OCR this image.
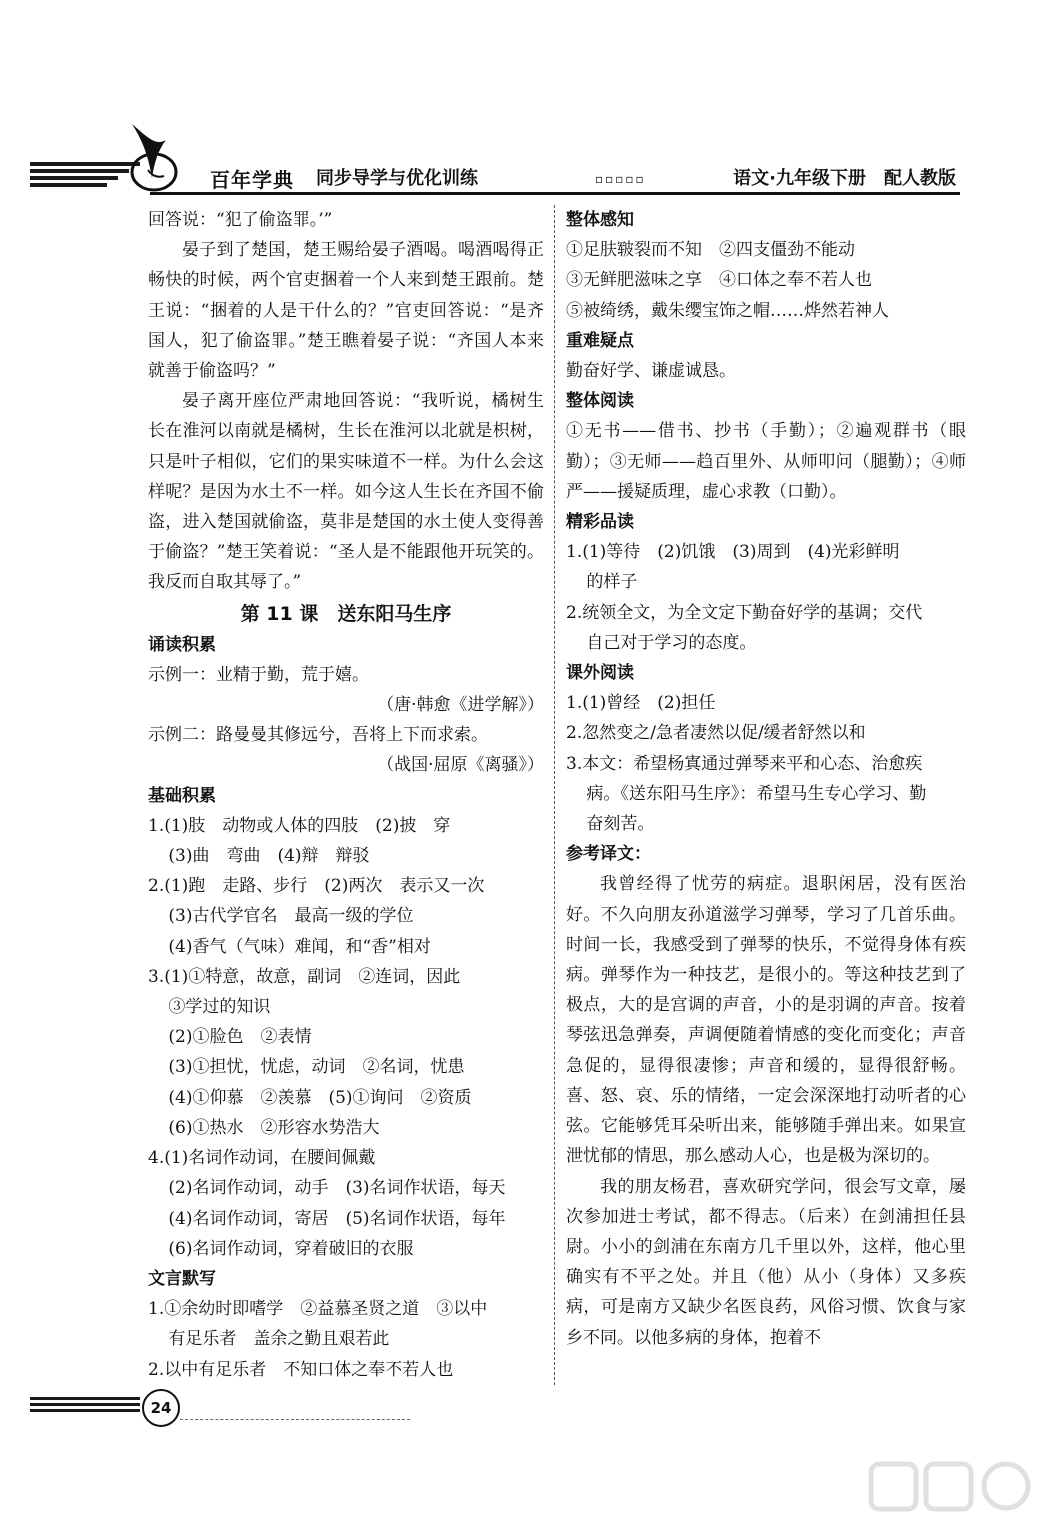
百年学典 同步导学与优化训练	▫▫▫▫▫	语文·九年级下册　配人教版

回答说：“犯了偷盗罪。’”

晏子到了楚国，楚王赐给晏子酒喝。喝酒喝得正畅快的时候，两个官吏捆着一个人来到楚王跟前。楚王说：“捆着的人是干什么的？”官吏回答说：“是齐国人，犯了偷盗罪。”楚王瞧着晏子说：“齐国人本来就善于偷盗吗？”

晏子离开座位严肃地回答说：“我听说，橘树生长在淮河以南就是橘树，生长在淮河以北就是枳树，只是叶子相似，它们的果实味道不一样。为什么会这样呢？是因为水土不一样。如今这人生长在齐国不偷盗，进入楚国就偷盗，莫非是楚国的水土使人变得善于偷盗？”楚王笑着说：“圣人是不能跟他开玩笑的。我反而自取其辱了。”

第 11 课　送东阳马生序
诵读积累

示例一：业精于勤，荒于嬉。

（唐·韩愈《进学解》）

示例二：路曼曼其修远兮，吾将上下而求索。

（战国·屈原《离骚》）

基础积累

1.(1)肢　动物或人体的四肢　(2)披　穿

(3)曲　弯曲　(4)辩　辩驳

2.(1)跑　走路、步行　(2)两次　表示又一次

(3)古代学官名　最高一级的学位

(4)香气（气味）难闻，和“香”相对

3.(1)①特意，故意，副词　②连词，因此

③学过的知识

(2)①脸色　②表情

(3)①担忧，忧虑，动词　②名词，忧患

(4)①仰慕　②羡慕　(5)①询问　②资质

(6)①热水　②形容水势浩大

4.(1)名词作动词，在腰间佩戴

(2)名词作动词，动手　(3)名词作状语，每天

(4)名词作动词，寄居　(5)名词作状语，每年

(6)名词作动词，穿着破旧的衣服

文言默写

1.①余幼时即嗜学　②益慕圣贤之道　③以中

有足乐者　盖余之勤且艰若此

2.以中有足乐者　不知口体之奉不若人也

整体感知

①足肤皲裂而不知　②四支僵劲不能动

③无鲜肥滋味之享　④口体之奉不若人也

⑤被绮绣，戴朱缨宝饰之帽……烨然若神人

重难疑点

勤奋好学、谦虚诚恳。

整体阅读

①无书——借书、抄书（手勤）；②遍观群书（眼勤）；③无师——趋百里外、从师叩问（腿勤）；④师严——援疑质理，虚心求教（口勤）。

精彩品读

1.(1)等待　(2)饥饿　(3)周到　(4)光彩鲜明

的样子

2.统领全文，为全文定下勤奋好学的基调；交代

自己对于学习的态度。

课外阅读

1.(1)曾经　(2)担任

2.忽然变之/急者凄然以促/缓者舒然以和

3.本文：希望杨寘通过弹琴来平和心态、治愈疾

病。《送东阳马生序》：希望马生专心学习、勤

奋刻苦。

参考译文：

我曾经得了忧劳的病症。退职闲居，没有医治好。不久向朋友孙道滋学习弹琴，学习了几首乐曲。时间一长，我感受到了弹琴的快乐，不觉得身体有疾病。弹琴作为一种技艺，是很小的。等这种技艺到了极点，大的是宫调的声音，小的是羽调的声音。按着琴弦迅急弹奏，声调便随着情感的变化而变化；声音急促的，显得很凄惨；声音和缓的，显得很舒畅。喜、怒、哀、乐的情绪，一定会深深地打动听者的心弦。它能够凭耳朵听出来，能够随手弹出来。如果宣泄忧郁的情思，那么感动人心，也是极为深切的。

我的朋友杨君，喜欢研究学问，很会写文章，屡次参加进士考试，都不得志。（后来）在剑浦担任县尉。小小的剑浦在东南方几千里以外，这样，他心里确实有不平之处。并且（他）从小（身体）又多疾病，可是南方又缺少名医良药，风俗习惯、饮食与家乡不同。以他多病的身体，抱着不

24
